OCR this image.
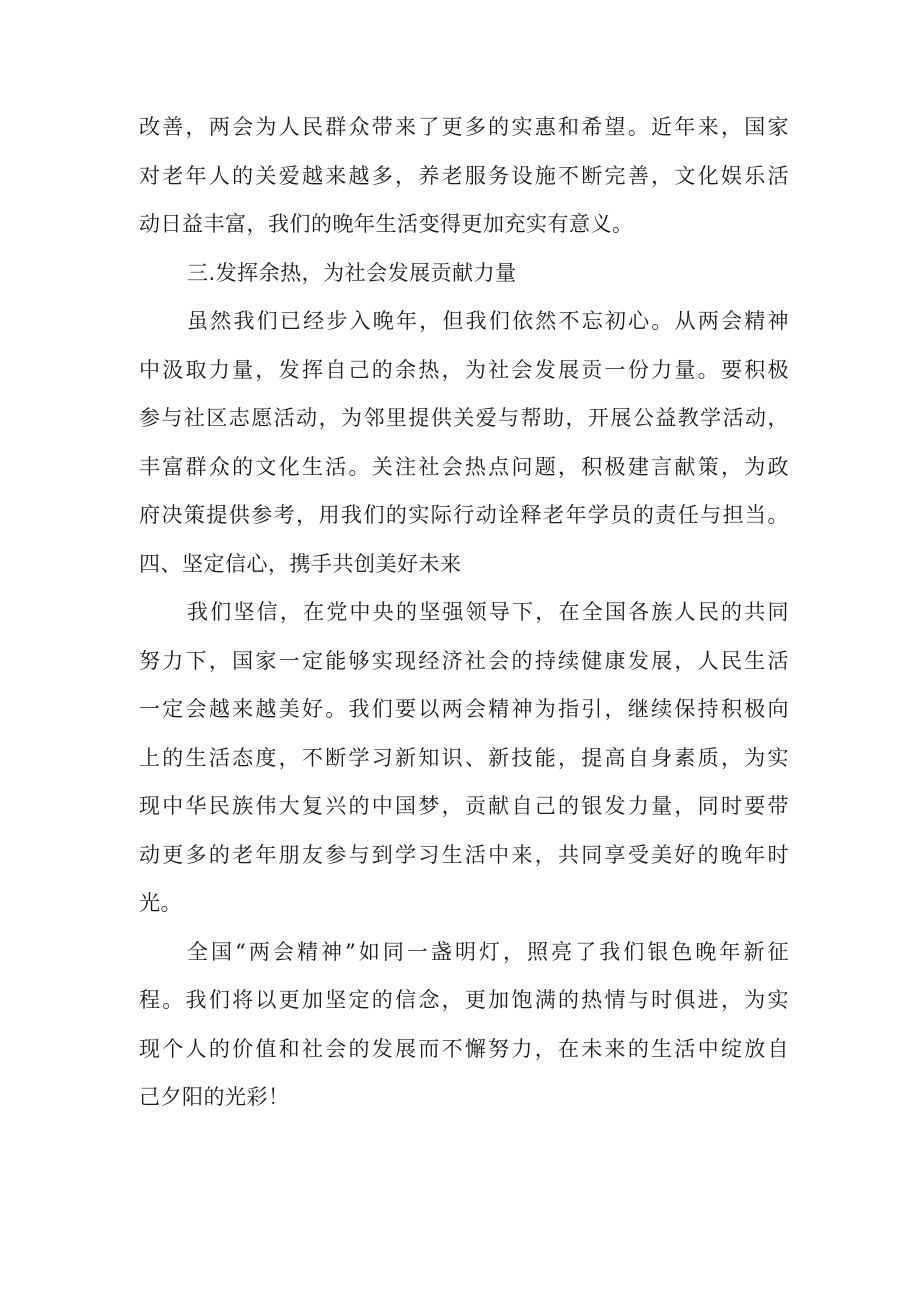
改善，两会为人民群众带来了更多的实惠和希望。近年来，国家
对老年人的关爱越来越多，养老服务设施不断完善，文化娱乐活
动日益丰富，我们的晚年生活变得更加充实有意义。
三.发挥余热，为社会发展贡献力量
虽然我们已经步入晚年，但我们依然不忘初心。从两会精神
中汲取力量，发挥自己的余热，为社会发展贡一份力量。要积极
参与社区志愿活动，为邻里提供关爱与帮助，开展公益教学活动，
丰富群众的文化生活。关注社会热点问题，积极建言献策，为政
府决策提供参考，用我们的实际行动诠释老年学员的责任与担当。
四、坚定信心，携手共创美好未来
我们坚信，在党中央的坚强领导下，在全国各族人民的共同
努力下，国家一定能够实现经济社会的持续健康发展，人民生活
一定会越来越美好。我们要以两会精神为指引，继续保持积极向
上的生活态度，不断学习新知识、新技能，提高自身素质，为实
现中华民族伟大复兴的中国梦，贡献自己的银发力量，同时要带
动更多的老年朋友参与到学习生活中来，共同享受美好的晚年时
光。
全国“两会精神”如同一盏明灯，照亮了我们银色晚年新征
程。我们将以更加坚定的信念，更加饱满的热情与时俱进，为实
现个人的价值和社会的发展而不懈努力，在未来的生活中绽放自
己夕阳的光彩！
